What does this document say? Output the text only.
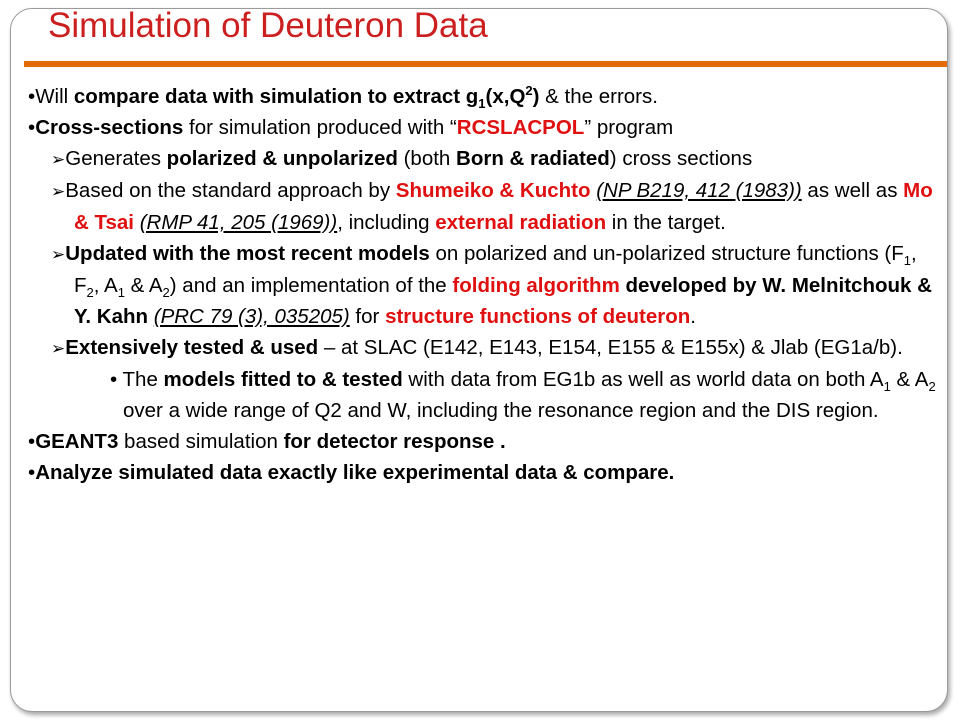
Simulation of Deuteron Data
•Will compare data with simulation to extract $g_1(x,Q^2)$ & the errors.
•Cross-sections for simulation produced with “RCSLACPOL” program
➢Generates polarized & unpolarized (both Born & radiated) cross sections
➢Based on the standard approach by Shumeiko & Kuchto (NP B219, 412 (1983)) as well as Mo & Tsai (RMP 41, 205 (1969)), including external radiation in the target.
➢Updated with the most recent models on polarized and un-polarized structure functions ($F_1$, $F_2$, $A_1$ & $A_2$) and an implementation of the folding algorithm developed by W. Melnitchouk & Y. Kahn (PRC 79 (3), 035205) for structure functions of deuteron.
➢Extensively tested & used – at SLAC (E142, E143, E154, E155 & E155x) & Jlab (EG1a/b).
• The models fitted to & tested with data from EG1b as well as world data on both $A_1$ & $A_2$ over a wide range of Q2 and W, including the resonance region and the DIS region.
•GEANT3 based simulation for detector response .
•Analyze simulated data exactly like experimental data & compare.
